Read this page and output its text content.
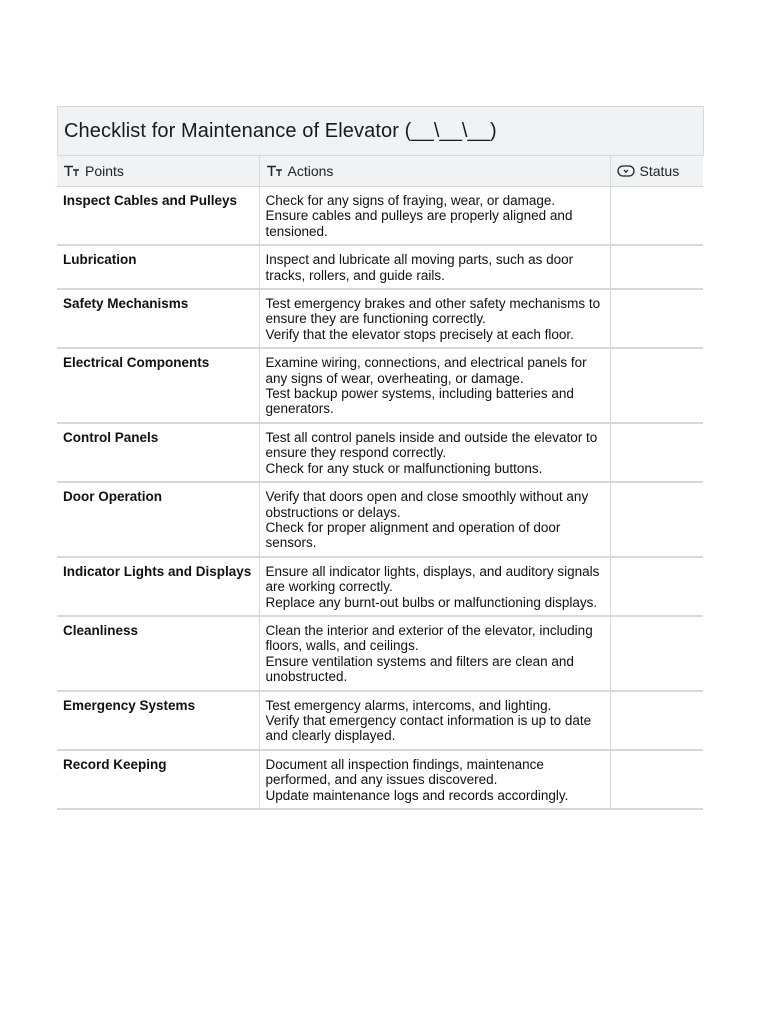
Checklist for Maintenance of Elevator (__\__\__)
Points	Actions	Status

Inspect Cables and Pulleys	Check for any signs of fraying, wear, or damage.
Ensure cables and pulleys are properly aligned and tensioned.	

Lubrication	Inspect and lubricate all moving parts, such as door tracks, rollers, and guide rails.	

Safety Mechanisms	Test emergency brakes and other safety mechanisms to ensure they are functioning correctly.
Verify that the elevator stops precisely at each floor.	

Electrical Components	Examine wiring, connections, and electrical panels for any signs of wear, overheating, or damage.
Test backup power systems, including batteries and generators.	

Control Panels	Test all control panels inside and outside the elevator to ensure they respond correctly.
Check for any stuck or malfunctioning buttons.	

Door Operation	Verify that doors open and close smoothly without any obstructions or delays.
Check for proper alignment and operation of door sensors.	

Indicator Lights and Displays	Ensure all indicator lights, displays, and auditory signals are working correctly.
Replace any burnt-out bulbs or malfunctioning displays.	

Cleanliness	Clean the interior and exterior of the elevator, including floors, walls, and ceilings.
Ensure ventilation systems and filters are clean and unobstructed.	

Emergency Systems	Test emergency alarms, intercoms, and lighting.
Verify that emergency contact information is up to date and clearly displayed.	

Record Keeping	Document all inspection findings, maintenance performed, and any issues discovered.
Update maintenance logs and records accordingly.	
